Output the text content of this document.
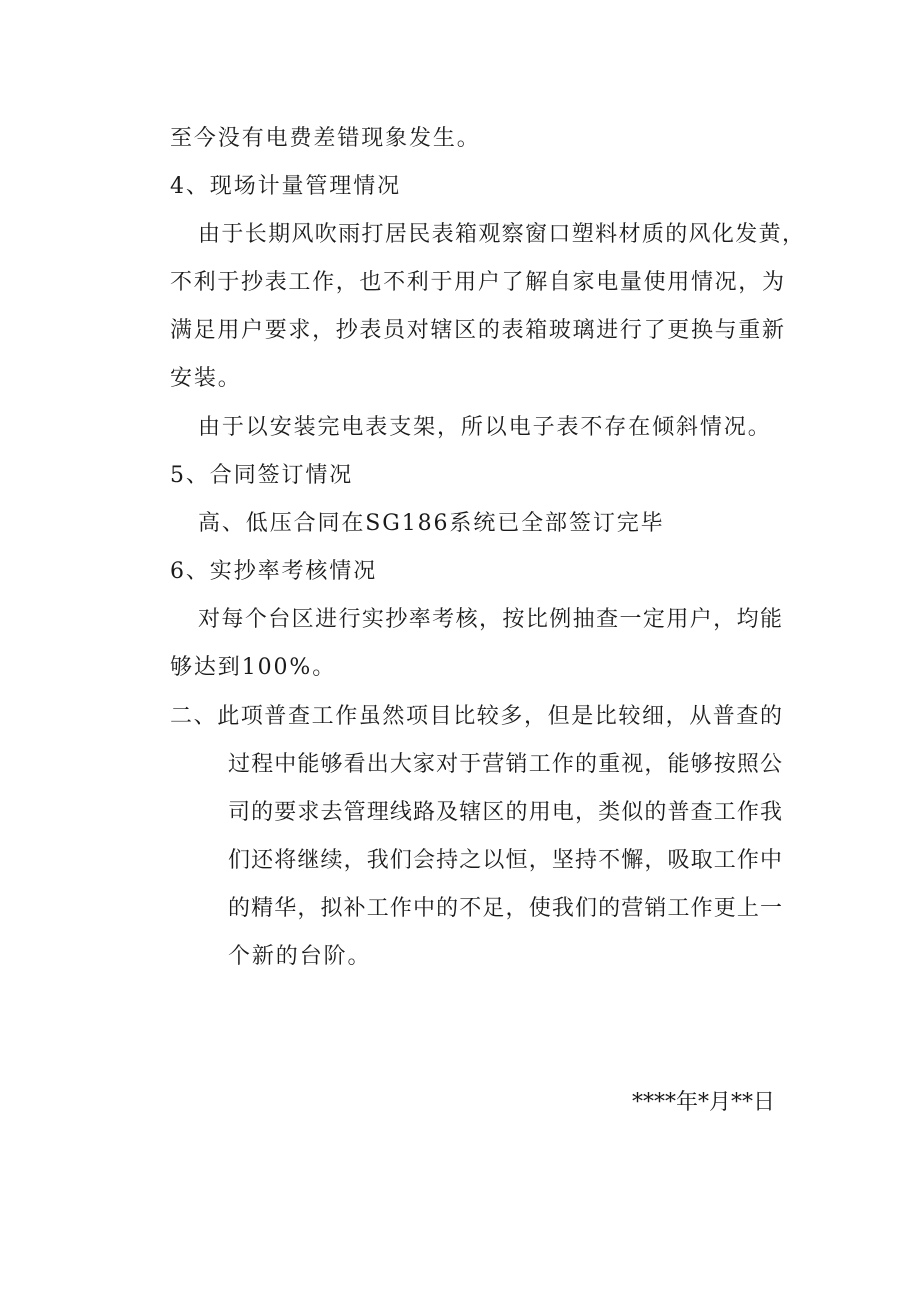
至今没有电费差错现象发生。
4、现场计量管理情况
由于长期风吹雨打居民表箱观察窗口塑料材质的风化发黄，
不利于抄表工作，也不利于用户了解自家电量使用情况，为
满足用户要求，抄表员对辖区的表箱玻璃进行了更换与重新
安装。
由于以安装完电表支架，所以电子表不存在倾斜情况。
5、合同签订情况
高、低压合同在SG186系统已全部签订完毕
6、实抄率考核情况
对每个台区进行实抄率考核，按比例抽查一定用户，均能
够达到100%。
二、此项普查工作虽然项目比较多，但是比较细，从普查的
过程中能够看出大家对于营销工作的重视，能够按照公
司的要求去管理线路及辖区的用电，类似的普查工作我
们还将继续，我们会持之以恒，坚持不懈，吸取工作中
的精华，拟补工作中的不足，使我们的营销工作更上一
个新的台阶。
****年*月**日
